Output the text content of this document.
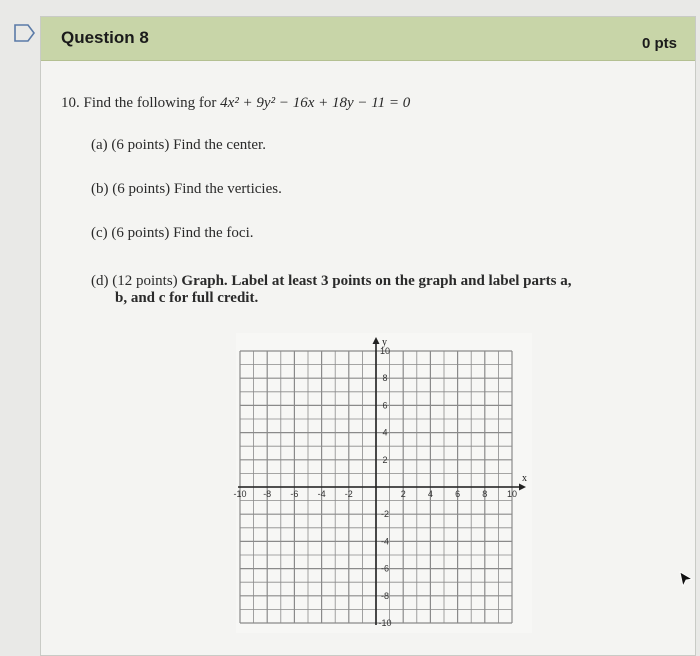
Question 8	0 pts
10. Find the following for 4x² + 9y² − 16x + 18y − 11 = 0
(a) (6 points) Find the center.
(b) (6 points) Find the verticies.
(c) (6 points) Find the foci.
(d) (12 points) Graph. Label at least 3 points on the graph and label parts a,
b, and c for full credit.
-10 -8 -6 -4 -2	2 4 6 8 10
10
8
6
4
2
-2
-4
-6
-8
-10
x
y
